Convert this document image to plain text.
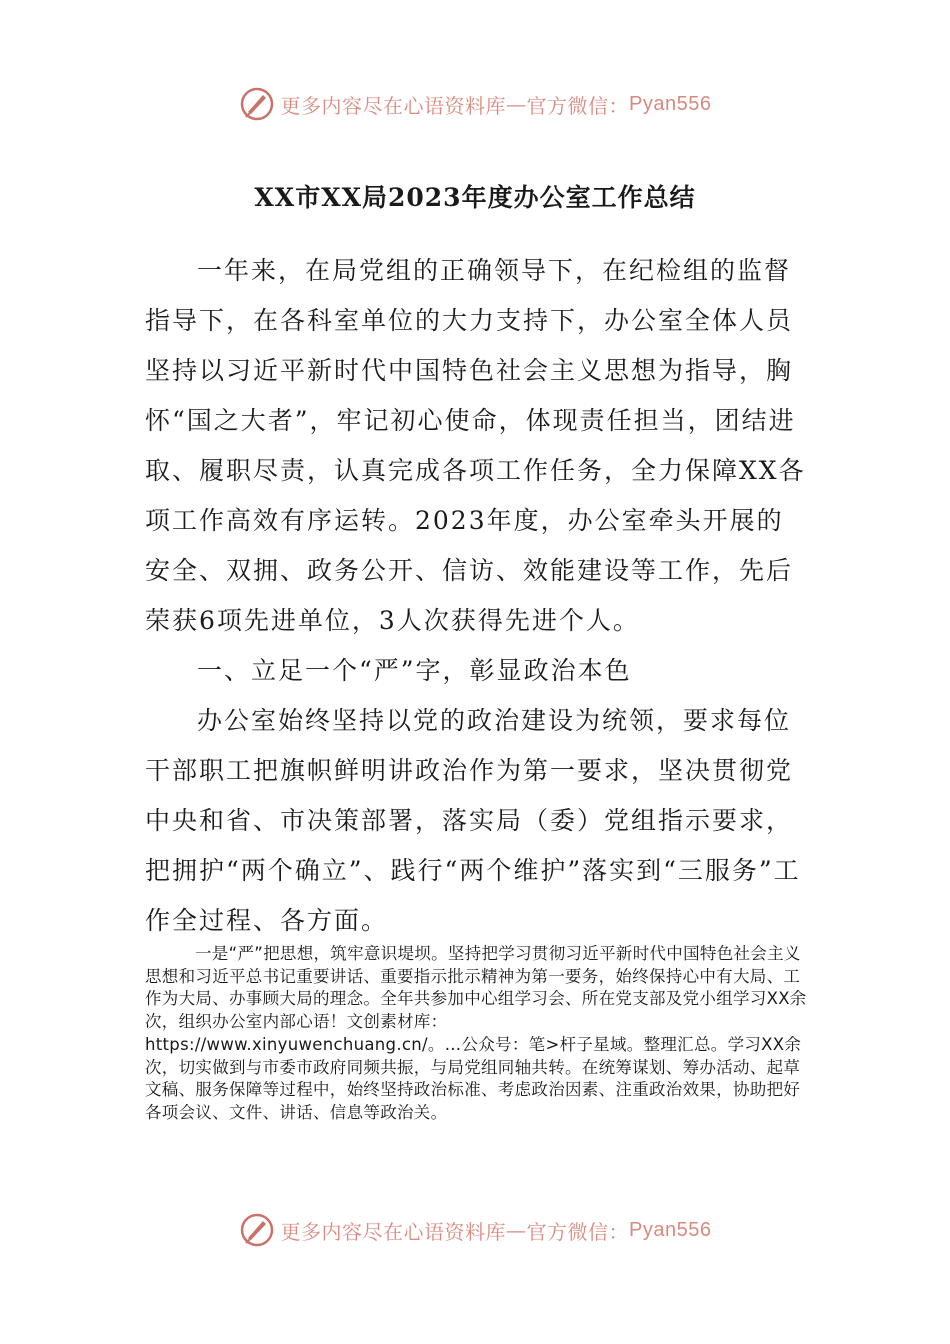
更多内容尽在心语资料库 — 官方微信： Pyan556
XX市XX局2023年度办公室工作总结

一年来，在局党组的正确领导下，在纪检组的监督指导下，在各科室单位的大力支持下，办公室全体人员坚持以习近平新时代中国特色社会主义思想为指导，胸怀“国之大者”，牢记初心使命，体现责任担当，团结进取、履职尽责，认真完成各项工作任务，全力保障XX各项工作高效有序运转。2023年度，办公室牵头开展的安全、双拥、政务公开、信访、效能建设等工作，先后荣获6项先进单位，3人次获得先进个人。

一、立足一个“严”字，彰显政治本色

办公室始终坚持以党的政治建设为统领，要求每位干部职工把旗帜鲜明讲政治作为第一要求，坚决贯彻党中央和省、市决策部署，落实局（委）党组指示要求，把拥护“两个确立”、践行“两个维护”落实到“三服务”工作全过程、各方面。

一是“严”把思想，筑牢意识堤坝。坚持把学习贯彻习近平新时代中国特色社会主义思想和习近平总书记重要讲话、重要指示批示精神为第一要务，始终保持心中有大局、工作为大局、办事顾大局的理念。全年共参加中心组学习会、所在党支部及党小组学习XX余次，组织办公室内部心语！文创素材库：

https://www.xinyuwenchuang.cn/。…公众号：笔>杆子星域。整理汇总。学习XX余次，切实做到与市委市政府同频共振，与局党组同轴共转。在统筹谋划、筹办活动、起草文稿、服务保障等过程中，始终坚持政治标准、考虑政治因素、注重政治效果，协助把好各项会议、文件、讲话、信息等政治关。

更多内容尽在心语资料库 — 官方微信： Pyan556
